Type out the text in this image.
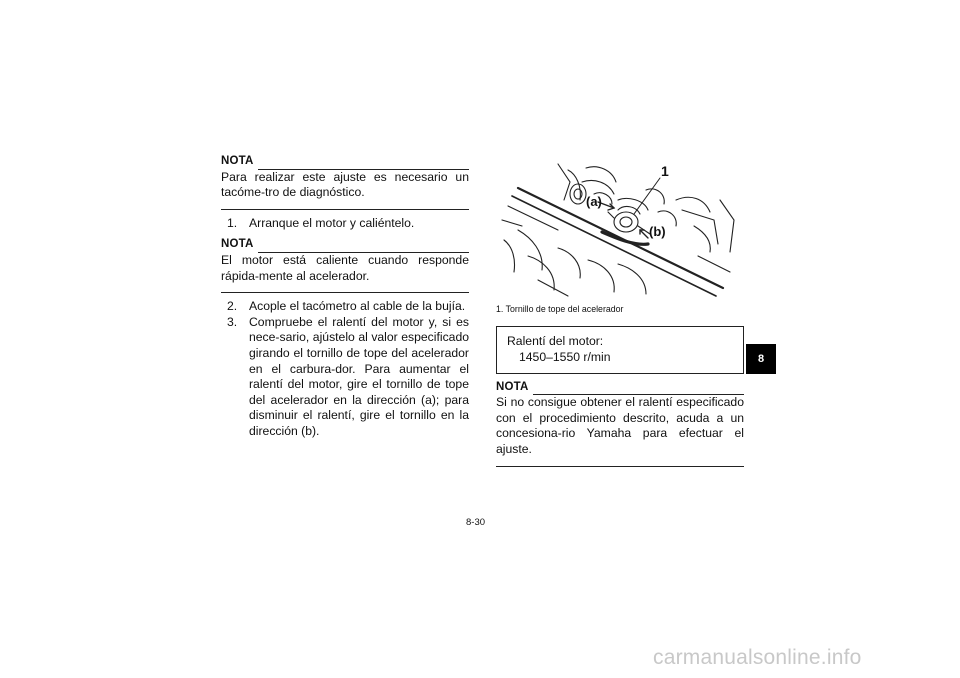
NOTA
Para realizar este ajuste es necesario un tacóme-tro de diagnóstico.
1. Arranque el motor y caliéntelo.
NOTA
El motor está caliente cuando responde rápida-mente al acelerador.
2. Acople el tacómetro al cable de la bujía.
3. Compruebe el ralentí del motor y, si es nece-sario, ajústelo al valor especificado girando el tornillo de tope del acelerador en el carbura-dor. Para aumentar el ralentí del motor, gire el tornillo de tope del acelerador en la dirección (a); para disminuir el ralentí, gire el tornillo en la dirección (b).
1
(a)
(b)
1. Tornillo de tope del acelerador
Ralentí del motor:
1450–1550 r/min
NOTA
Si no consigue obtener el ralentí especificado con el procedimiento descrito, acuda a un concesiona-rio Yamaha para efectuar el ajuste.
8
8-30
carmanualsonline.info
